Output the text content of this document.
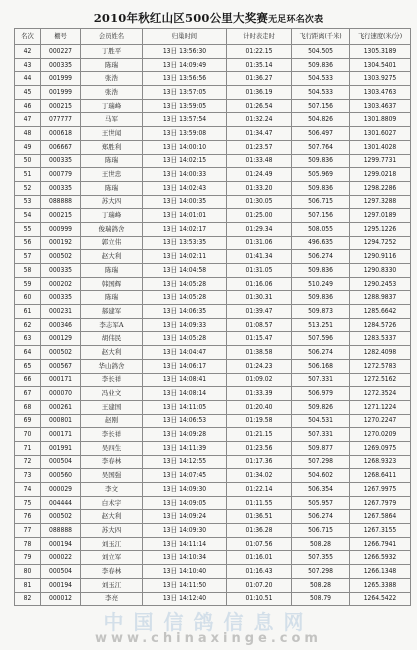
2010年秋红山区500公里大奖赛无足环名次表
名次	棚号	会员姓名	归巢时间	计时表走时	飞行距离(千米)	飞行速度(米/分)
42	000227	丁胜平	13日 13:56:30	01:22.15	504.505	1305.3189
43	000335	陈瑞	13日 14:09:49	01:35.14	509.836	1304.5401
44	001999	张浩	13日 13:56:56	01:36.27	504.533	1303.9275
45	001999	张浩	13日 13:57:05	01:36.19	504.533	1303.4763
46	000215	丁瑞峰	13日 13:59:05	01:26.54	507.156	1303.4637
47	077777	马军	13日 13:57:54	01:32.24	504.826	1301.8809
48	000618	王世闻	13日 13:59:08	01:34.47	506.497	1301.6027
49	006667	郑胜利	13日 14:00:10	01:23.57	507.764	1301.4028
50	000335	陈瑞	13日 14:02:15	01:33.48	509.836	1299.7731
51	000779	王世忠	13日 14:00:33	01:24.49	505.969	1299.0218
52	000335	陈瑞	13日 14:02:43	01:33.20	509.836	1298.2286
53	088888	苏大四	13日 14:00:35	01:30.05	506.715	1297.3288
54	000215	丁瑞峰	13日 14:01:01	01:25.00	507.156	1297.0189
55	000999	俊瑞鸽舍	13日 14:02:17	01:29.34	508.055	1295.1226
56	000192	郭立伟	13日 13:53:35	01:31.06	496.635	1294.7252
57	000502	赵大利	13日 14:02:11	01:41.34	506.274	1290.9116
58	000335	陈瑞	13日 14:04:58	01:31.05	509.836	1290.8330
59	000202	韩国辉	13日 14:05:28	01:16.06	510.249	1290.2453
60	000335	陈瑞	13日 14:05:28	01:30.31	509.836	1288.9837
61	000231	郝建军	13日 14:06:35	01:39.47	509.873	1285.6642
62	000346	李志军A	13日 14:09:33	01:08.57	513.251	1284.5726
63	000129	胡伟民	13日 14:05:28	01:15.47	507.596	1283.5337
64	000502	赵大利	13日 14:04:47	01:38.58	506.274	1282.4098
65	000567	华山鸽舍	13日 14:06:17	01:24.23	506.168	1272.5783
66	000171	李长祥	13日 14:08:41	01:09.02	507.331	1272.5162
67	000070	冯业文	13日 14:08:14	01:33.39	506.979	1272.3524
68	000261	王建国	13日 14:11:05	01:20.40	509.826	1271.1224
69	000801	赵刚	13日 14:06:53	01:19.58	504.531	1270.2247
70	000171	李长祥	13日 14:09:28	01:21.15	507.331	1270.0209
71	001991	吴四生	13日 14:11:39	01:23.56	509.877	1269.0975
72	000504	李春林	13日 14:12:55	01:17.36	507.298	1268.9323
73	000560	吴国强	13日 14:07:45	01:34.02	504.602	1268.6411
74	000029	李文	13日 14:09:30	01:22.14	506.354	1267.9975
75	004444	白术宇	13日 14:09:05	01:11.55	505.957	1267.7979
76	000502	赵大利	13日 14:09:24	01:36.51	506.274	1267.5864
77	088888	苏大四	13日 14:09:30	01:36.28	506.715	1267.3155
78	000194	刘玉江	13日 14:11:14	01:07.56	508.28	1266.7941
79	000022	刘立军	13日 14:10:34	01:16.01	507.355	1266.5932
80	000504	李春林	13日 14:10:40	01:16.43	507.298	1266.1348
81	000194	刘玉江	13日 14:11:50	01:07.20	508.28	1265.3388
82	000012	李亮	13日 14:12:40	01:10.51	508.79	1264.5422
中国信鸽信息网
www.chinaxinge.com
